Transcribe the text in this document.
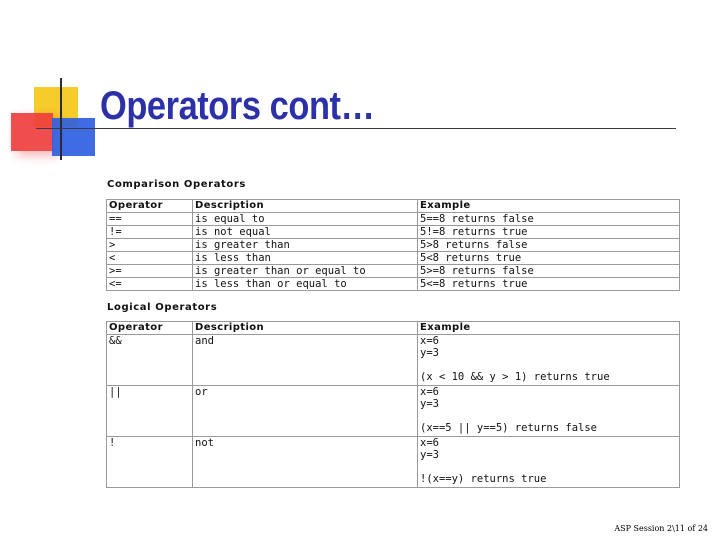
Operators cont…
Comparison Operators
Operator	Description	Example
==	is equal to	5==8 returns false
!=	is not equal	5!=8 returns true
>	is greater than	5>8 returns false
<	is less than	5<8 returns true
>=	is greater than or equal to	5>=8 returns false
<=	is less than or equal to	5<=8 returns true
Logical Operators
Operator	Description	Example
&&	and	x=6
y=3
(x < 10 && y > 1) returns true

||	or	x=6
y=3
(x==5 || y==5) returns false

!	not	x=6
y=3
!(x==y) returns true
ASP Session 2\11 of 24
